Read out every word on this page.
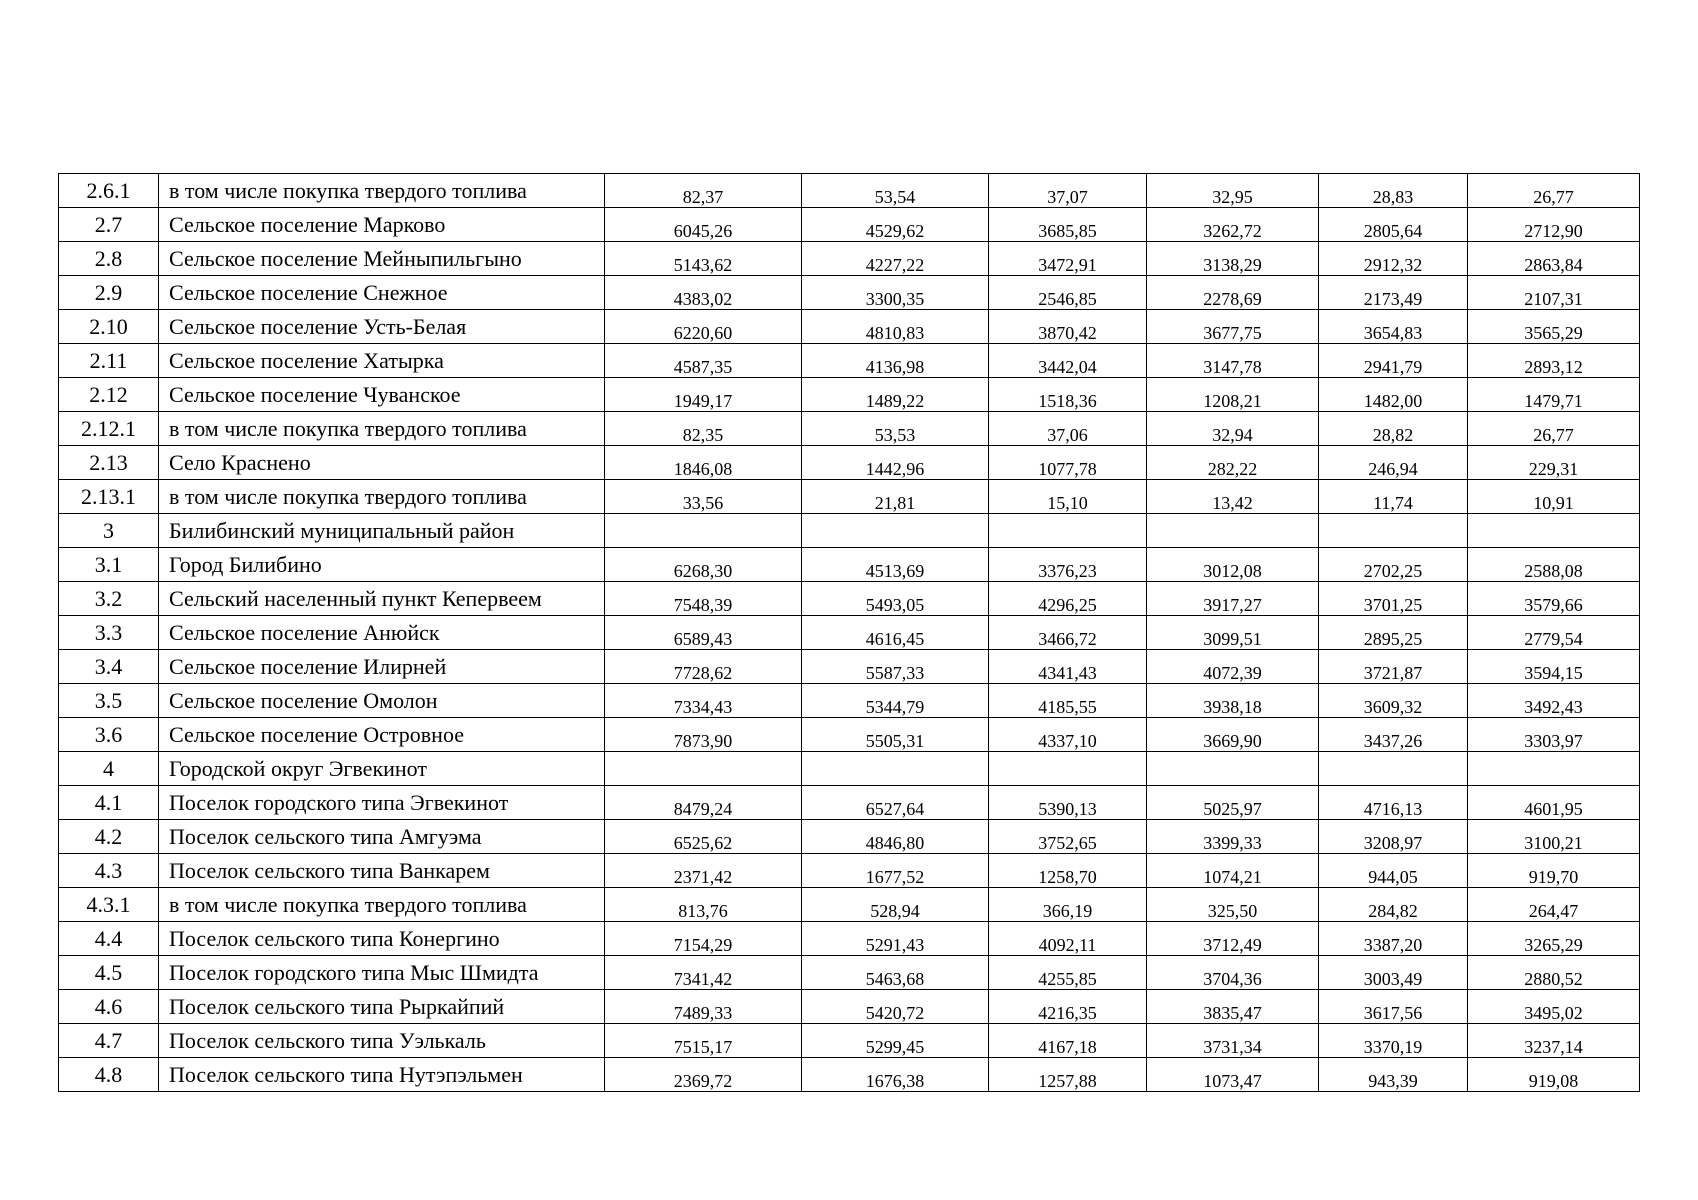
2.6.1	в том числе покупка твердого топлива	82,37	53,54	37,07	32,95	28,83	26,77
2.7	Сельское поселение Марково	6045,26	4529,62	3685,85	3262,72	2805,64	2712,90
2.8	Сельское поселение Мейныпильгыно	5143,62	4227,22	3472,91	3138,29	2912,32	2863,84
2.9	Сельское поселение Снежное	4383,02	3300,35	2546,85	2278,69	2173,49	2107,31
2.10	Сельское поселение Усть-Белая	6220,60	4810,83	3870,42	3677,75	3654,83	3565,29
2.11	Сельское поселение Хатырка	4587,35	4136,98	3442,04	3147,78	2941,79	2893,12
2.12	Сельское поселение Чуванское	1949,17	1489,22	1518,36	1208,21	1482,00	1479,71
2.12.1	в том числе покупка твердого топлива	82,35	53,53	37,06	32,94	28,82	26,77
2.13	Село Краснено	1846,08	1442,96	1077,78	282,22	246,94	229,31
2.13.1	в том числе покупка твердого топлива	33,56	21,81	15,10	13,42	11,74	10,91
3	Билибинский муниципальный район						
3.1	Город Билибино	6268,30	4513,69	3376,23	3012,08	2702,25	2588,08
3.2	Сельский населенный пункт Кепервеем	7548,39	5493,05	4296,25	3917,27	3701,25	3579,66
3.3	Сельское поселение Анюйск	6589,43	4616,45	3466,72	3099,51	2895,25	2779,54
3.4	Сельское поселение Илирней	7728,62	5587,33	4341,43	4072,39	3721,87	3594,15
3.5	Сельское поселение Омолон	7334,43	5344,79	4185,55	3938,18	3609,32	3492,43
3.6	Сельское поселение Островное	7873,90	5505,31	4337,10	3669,90	3437,26	3303,97
4	Городской округ Эгвекинот						
4.1	Поселок городского типа Эгвекинот	8479,24	6527,64	5390,13	5025,97	4716,13	4601,95
4.2	Поселок сельского типа Амгуэма	6525,62	4846,80	3752,65	3399,33	3208,97	3100,21
4.3	Поселок сельского типа Ванкарем	2371,42	1677,52	1258,70	1074,21	944,05	919,70
4.3.1	в том числе покупка твердого топлива	813,76	528,94	366,19	325,50	284,82	264,47
4.4	Поселок сельского типа Конергино	7154,29	5291,43	4092,11	3712,49	3387,20	3265,29
4.5	Поселок городского типа Мыс Шмидта	7341,42	5463,68	4255,85	3704,36	3003,49	2880,52
4.6	Поселок сельского типа Рыркайпий	7489,33	5420,72	4216,35	3835,47	3617,56	3495,02
4.7	Поселок сельского типа Уэлькаль	7515,17	5299,45	4167,18	3731,34	3370,19	3237,14
4.8	Поселок сельского типа Нутэпэльмен	2369,72	1676,38	1257,88	1073,47	943,39	919,08
